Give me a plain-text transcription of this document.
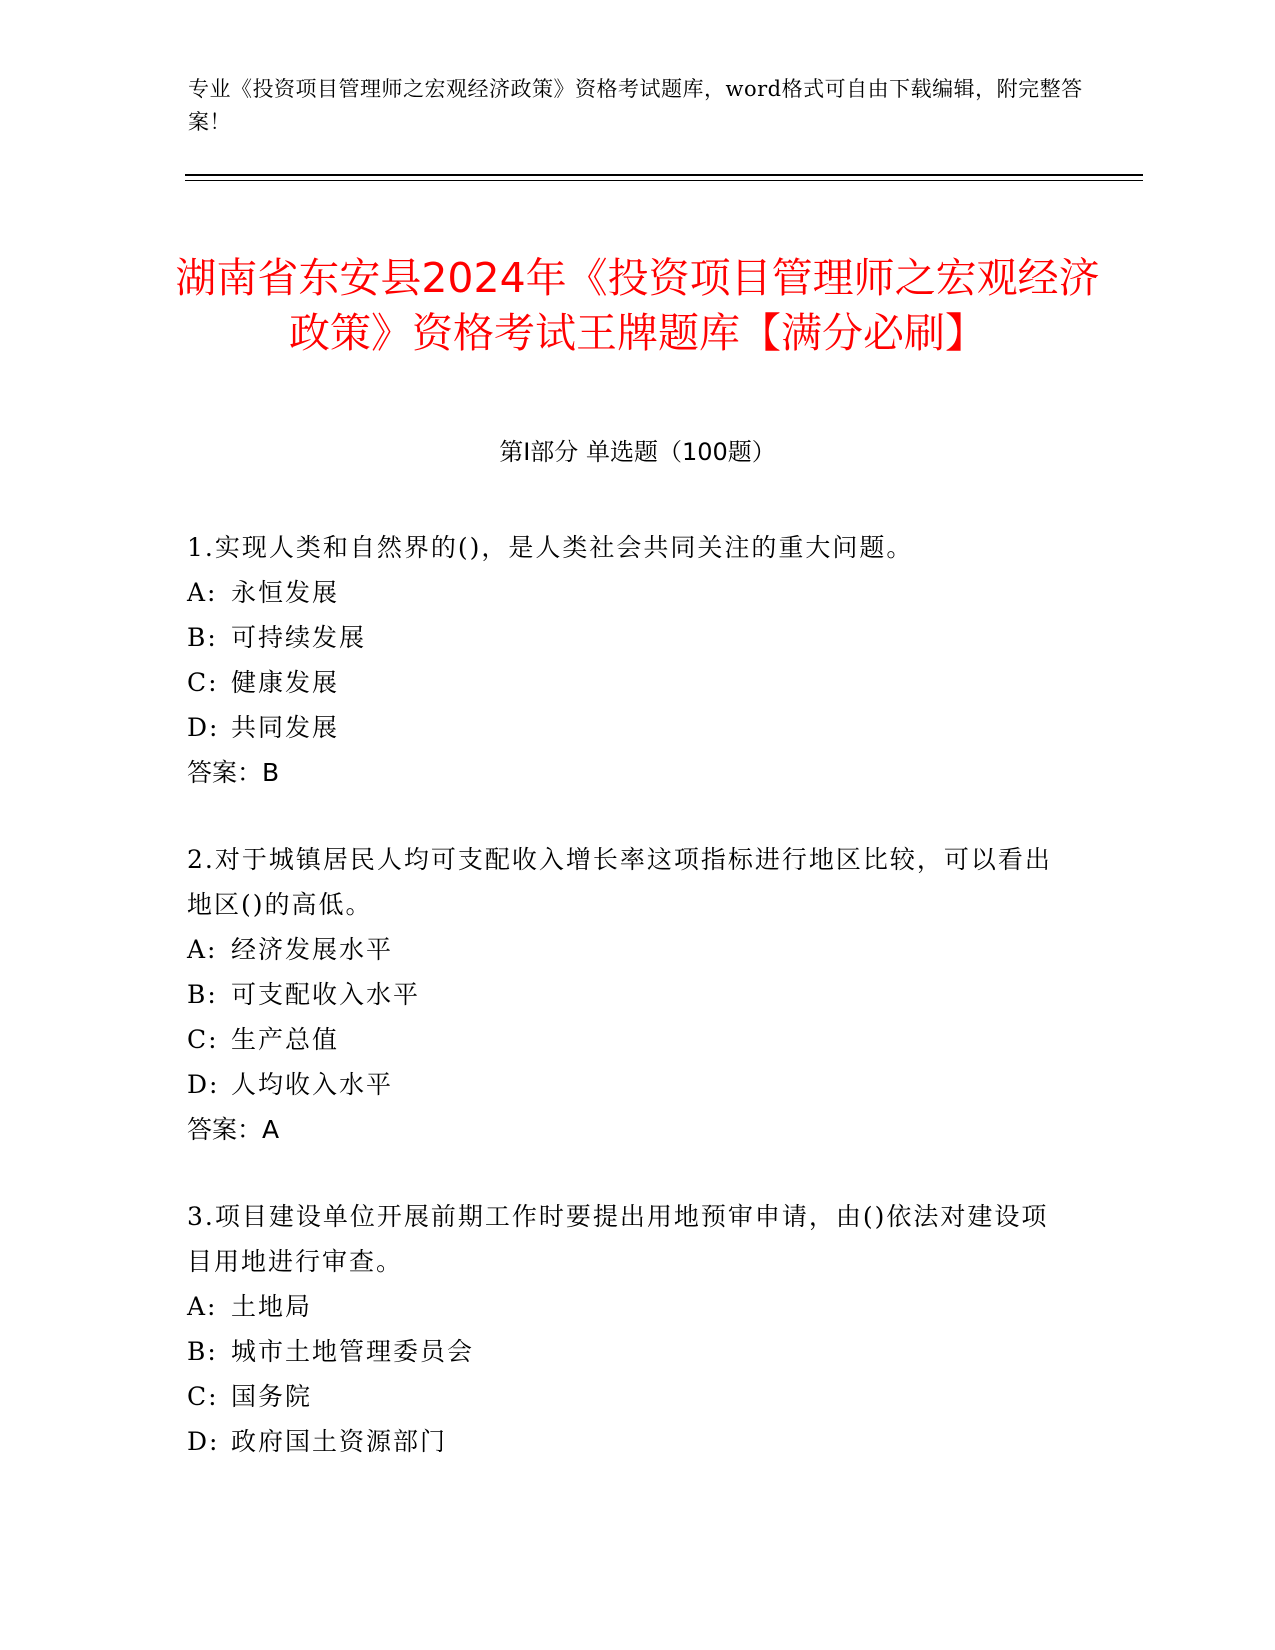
专业《投资项目管理师之宏观经济政策》资格考试题库，word格式可自由下载编辑，附完整答案！
湖南省东安县2024年《投资项目管理师之宏观经济政策》资格考试王牌题库【满分必刷】
第Ⅰ部分 单选题（100题）
1.实现人类和自然界的()，是人类社会共同关注的重大问题。
A: 永恒发展
B: 可持续发展
C: 健康发展
D: 共同发展
答案：B
2.对于城镇居民人均可支配收入增长率这项指标进行地区比较，可以看出地区()的高低。
A: 经济发展水平
B: 可支配收入水平
C: 生产总值
D: 人均收入水平
答案：A
3.项目建设单位开展前期工作时要提出用地预审申请，由()依法对建设项目用地进行审查。
A: 土地局
B: 城市土地管理委员会
C: 国务院
D: 政府国土资源部门
